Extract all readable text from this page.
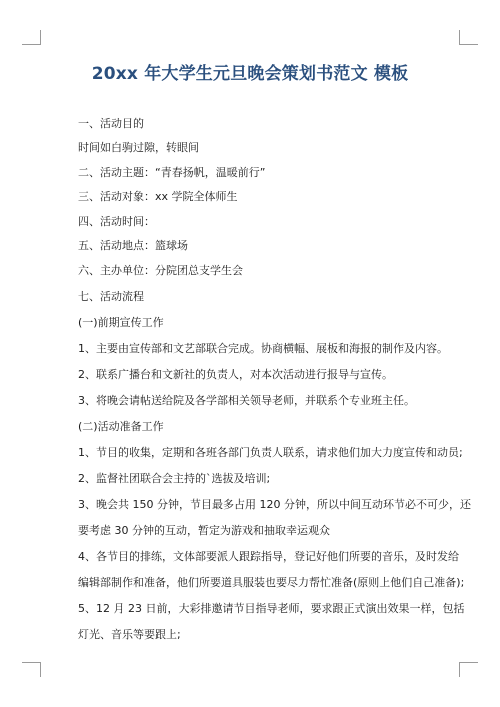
20xx 年大学生元旦晚会策划书范文 模板
一、活动目的
时间如白驹过隙，转眼间
二、活动主题：“青春扬帆，温暖前行”
三、活动对象：xx 学院全体师生
四、活动时间：
五、活动地点：篮球场
六、主办单位：分院团总支学生会
七、活动流程
(一)前期宣传工作
1、主要由宣传部和文艺部联合完成。协商横幅、展板和海报的制作及内容。
2、联系广播台和文新社的负责人，对本次活动进行报导与宣传。
3、将晚会请帖送给院及各学部相关领导老师，并联系个专业班主任。
(二)活动准备工作
1、节目的收集，定期和各班各部门负责人联系，请求他们加大力度宣传和动员;
2、监督社团联合会主持的`选拔及培训;
3、晚会共 150 分钟，节目最多占用 120 分钟，所以中间互动环节必不可少，还
要考虑 30 分钟的互动，暂定为游戏和抽取幸运观众
4、各节目的排练，文体部要派人跟踪指导，登记好他们所要的音乐，及时发给
编辑部制作和准备，他们所要道具服装也要尽力帮忙准备(原则上他们自己准备);
5、12 月 23 日前，大彩排邀请节目指导老师，要求跟正式演出效果一样，包括
灯光、音乐等要跟上;
